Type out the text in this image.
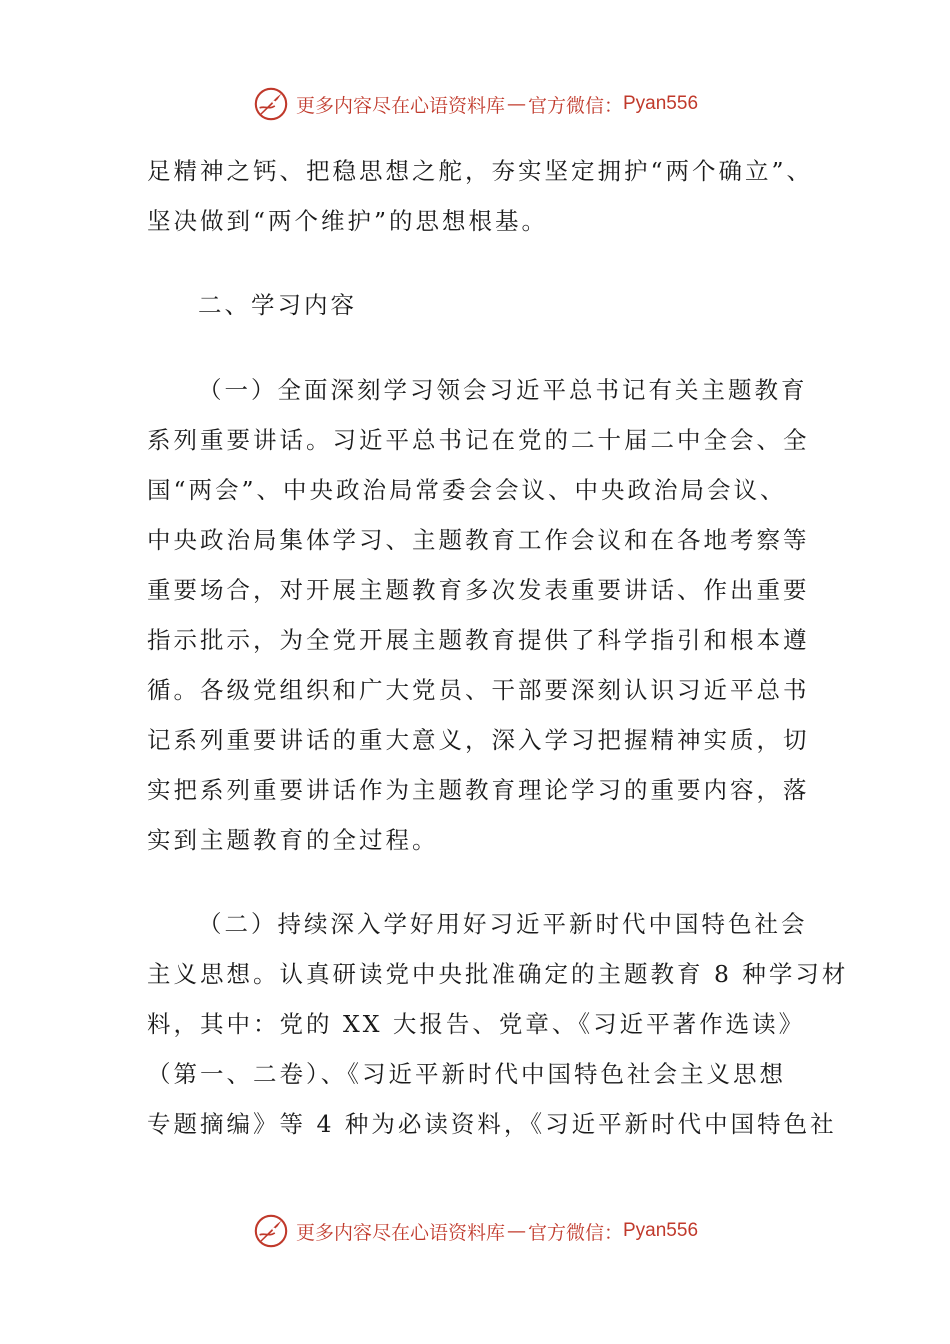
更多内容尽在心语资料库 — 官方微信： Pyan556
足精神之钙、把稳思想之舵，夯实坚定拥护“两个确立”、
坚决做到“两个维护”的思想根基。
二、学习内容
（一）全面深刻学习领会习近平总书记有关主题教育
系列重要讲话。习近平总书记在党的二十届二中全会、全
国“两会”、中央政治局常委会会议、中央政治局会议、
中央政治局集体学习、主题教育工作会议和在各地考察等
重要场合，对开展主题教育多次发表重要讲话、作出重要
指示批示，为全党开展主题教育提供了科学指引和根本遵
循。各级党组织和广大党员、干部要深刻认识习近平总书
记系列重要讲话的重大意义，深入学习把握精神实质，切
实把系列重要讲话作为主题教育理论学习的重要内容，落
实到主题教育的全过程。
（二）持续深入学好用好习近平新时代中国特色社会
主义思想。认真研读党中央批准确定的主题教育 8 种学习材
料，其中：党的 XX 大报告、党章、《习近平著作选读》
（第一、二卷）、《习近平新时代中国特色社会主义思想
专题摘编》等 4 种为必读资料，《习近平新时代中国特色社
更多内容尽在心语资料库 — 官方微信： Pyan556
